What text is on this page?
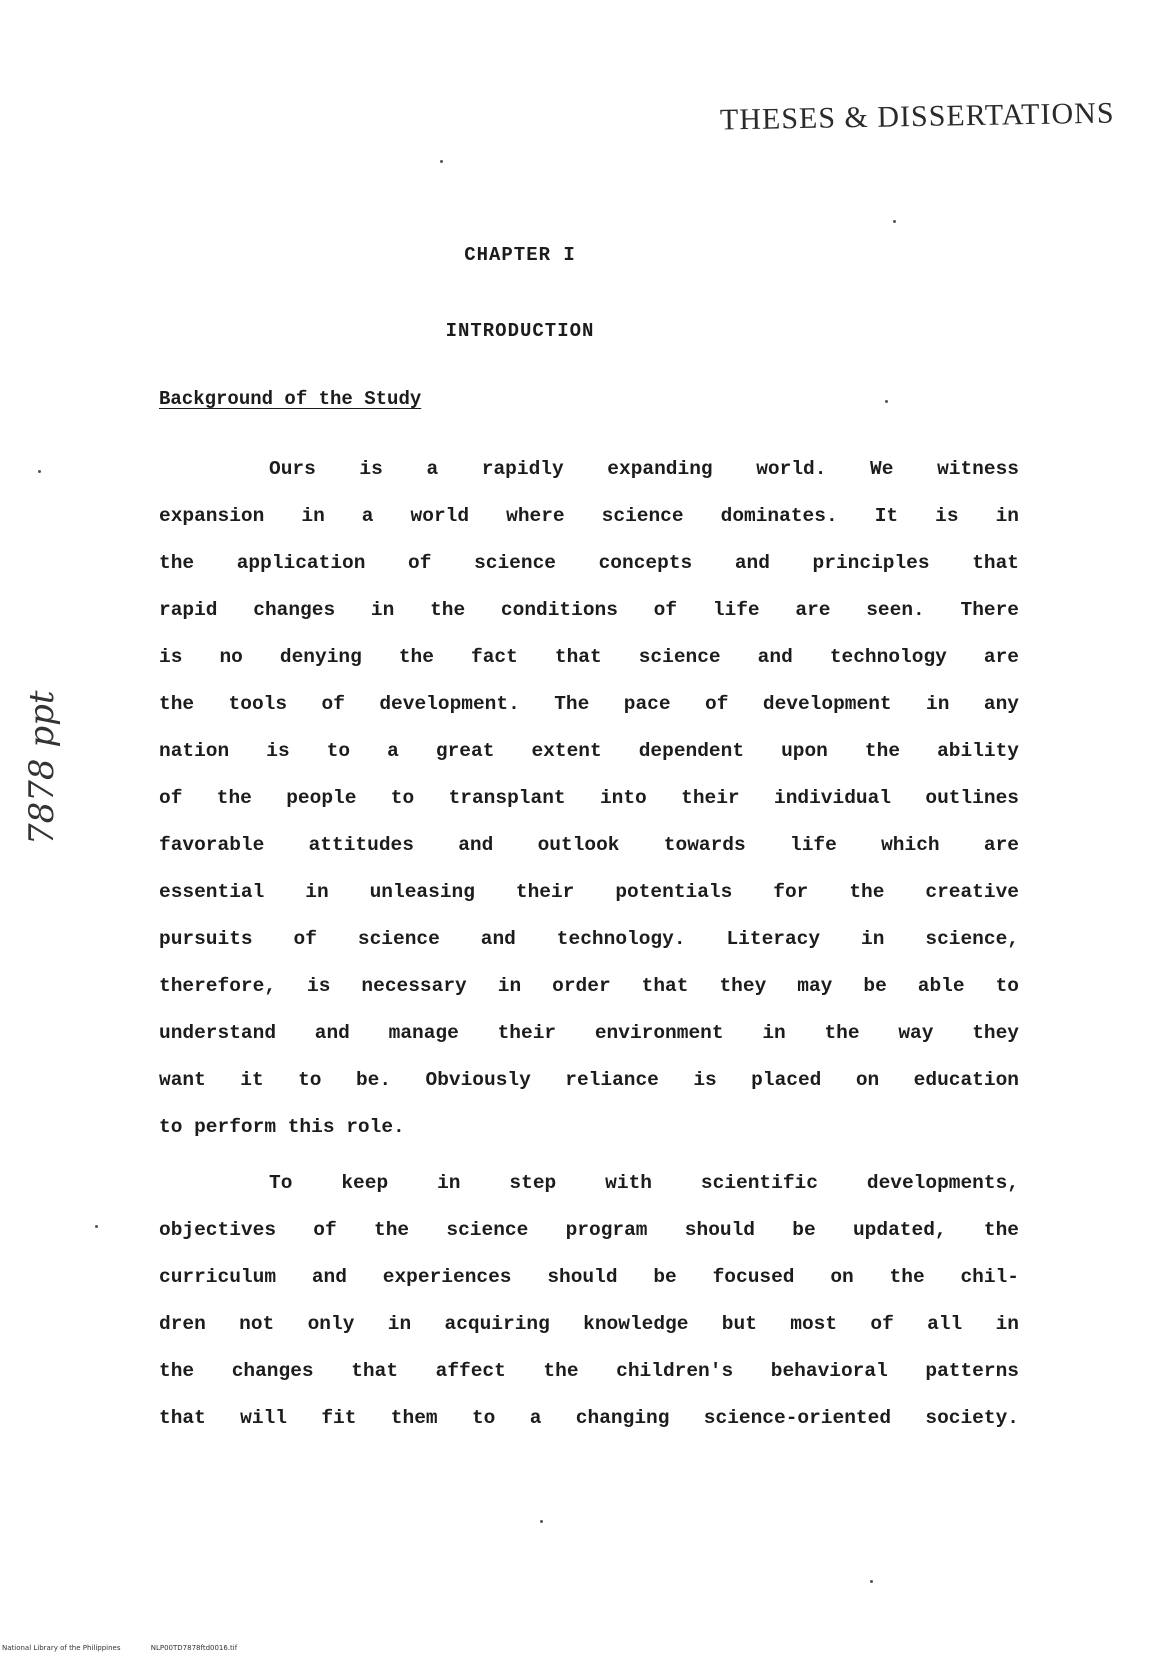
THESES & DISSERTATIONS
CHAPTER I
INTRODUCTION
Background of the Study
Ours is a rapidly expanding world. We witness
expansion in a world where science dominates. It is in
the application of science concepts and principles that
rapid changes in the conditions of life are seen. There
is no denying the fact that science and technology are
the tools of development. The pace of development in any
nation is to a great extent dependent upon the ability
of the people to transplant into their individual outlines
favorable attitudes and outlook towards life which are
essential in unleasing their potentials for the creative
pursuits of science and technology. Literacy in science,
therefore, is necessary in order that they may be able to
understand and manage their environment in the way they
want it to be. Obviously reliance is placed on education
to perform this role.
To keep in step with scientific developments,
objectives of the science program should be updated, the
curriculum and experiences should be focused on the chil-
dren not only in acquiring knowledge but most of all in
the changes that affect the children's behavioral patterns
that will fit them to a changing science-oriented society.
7878 ppt
National Library of the Philippines	NLP00TD7878ftd0016.tif
